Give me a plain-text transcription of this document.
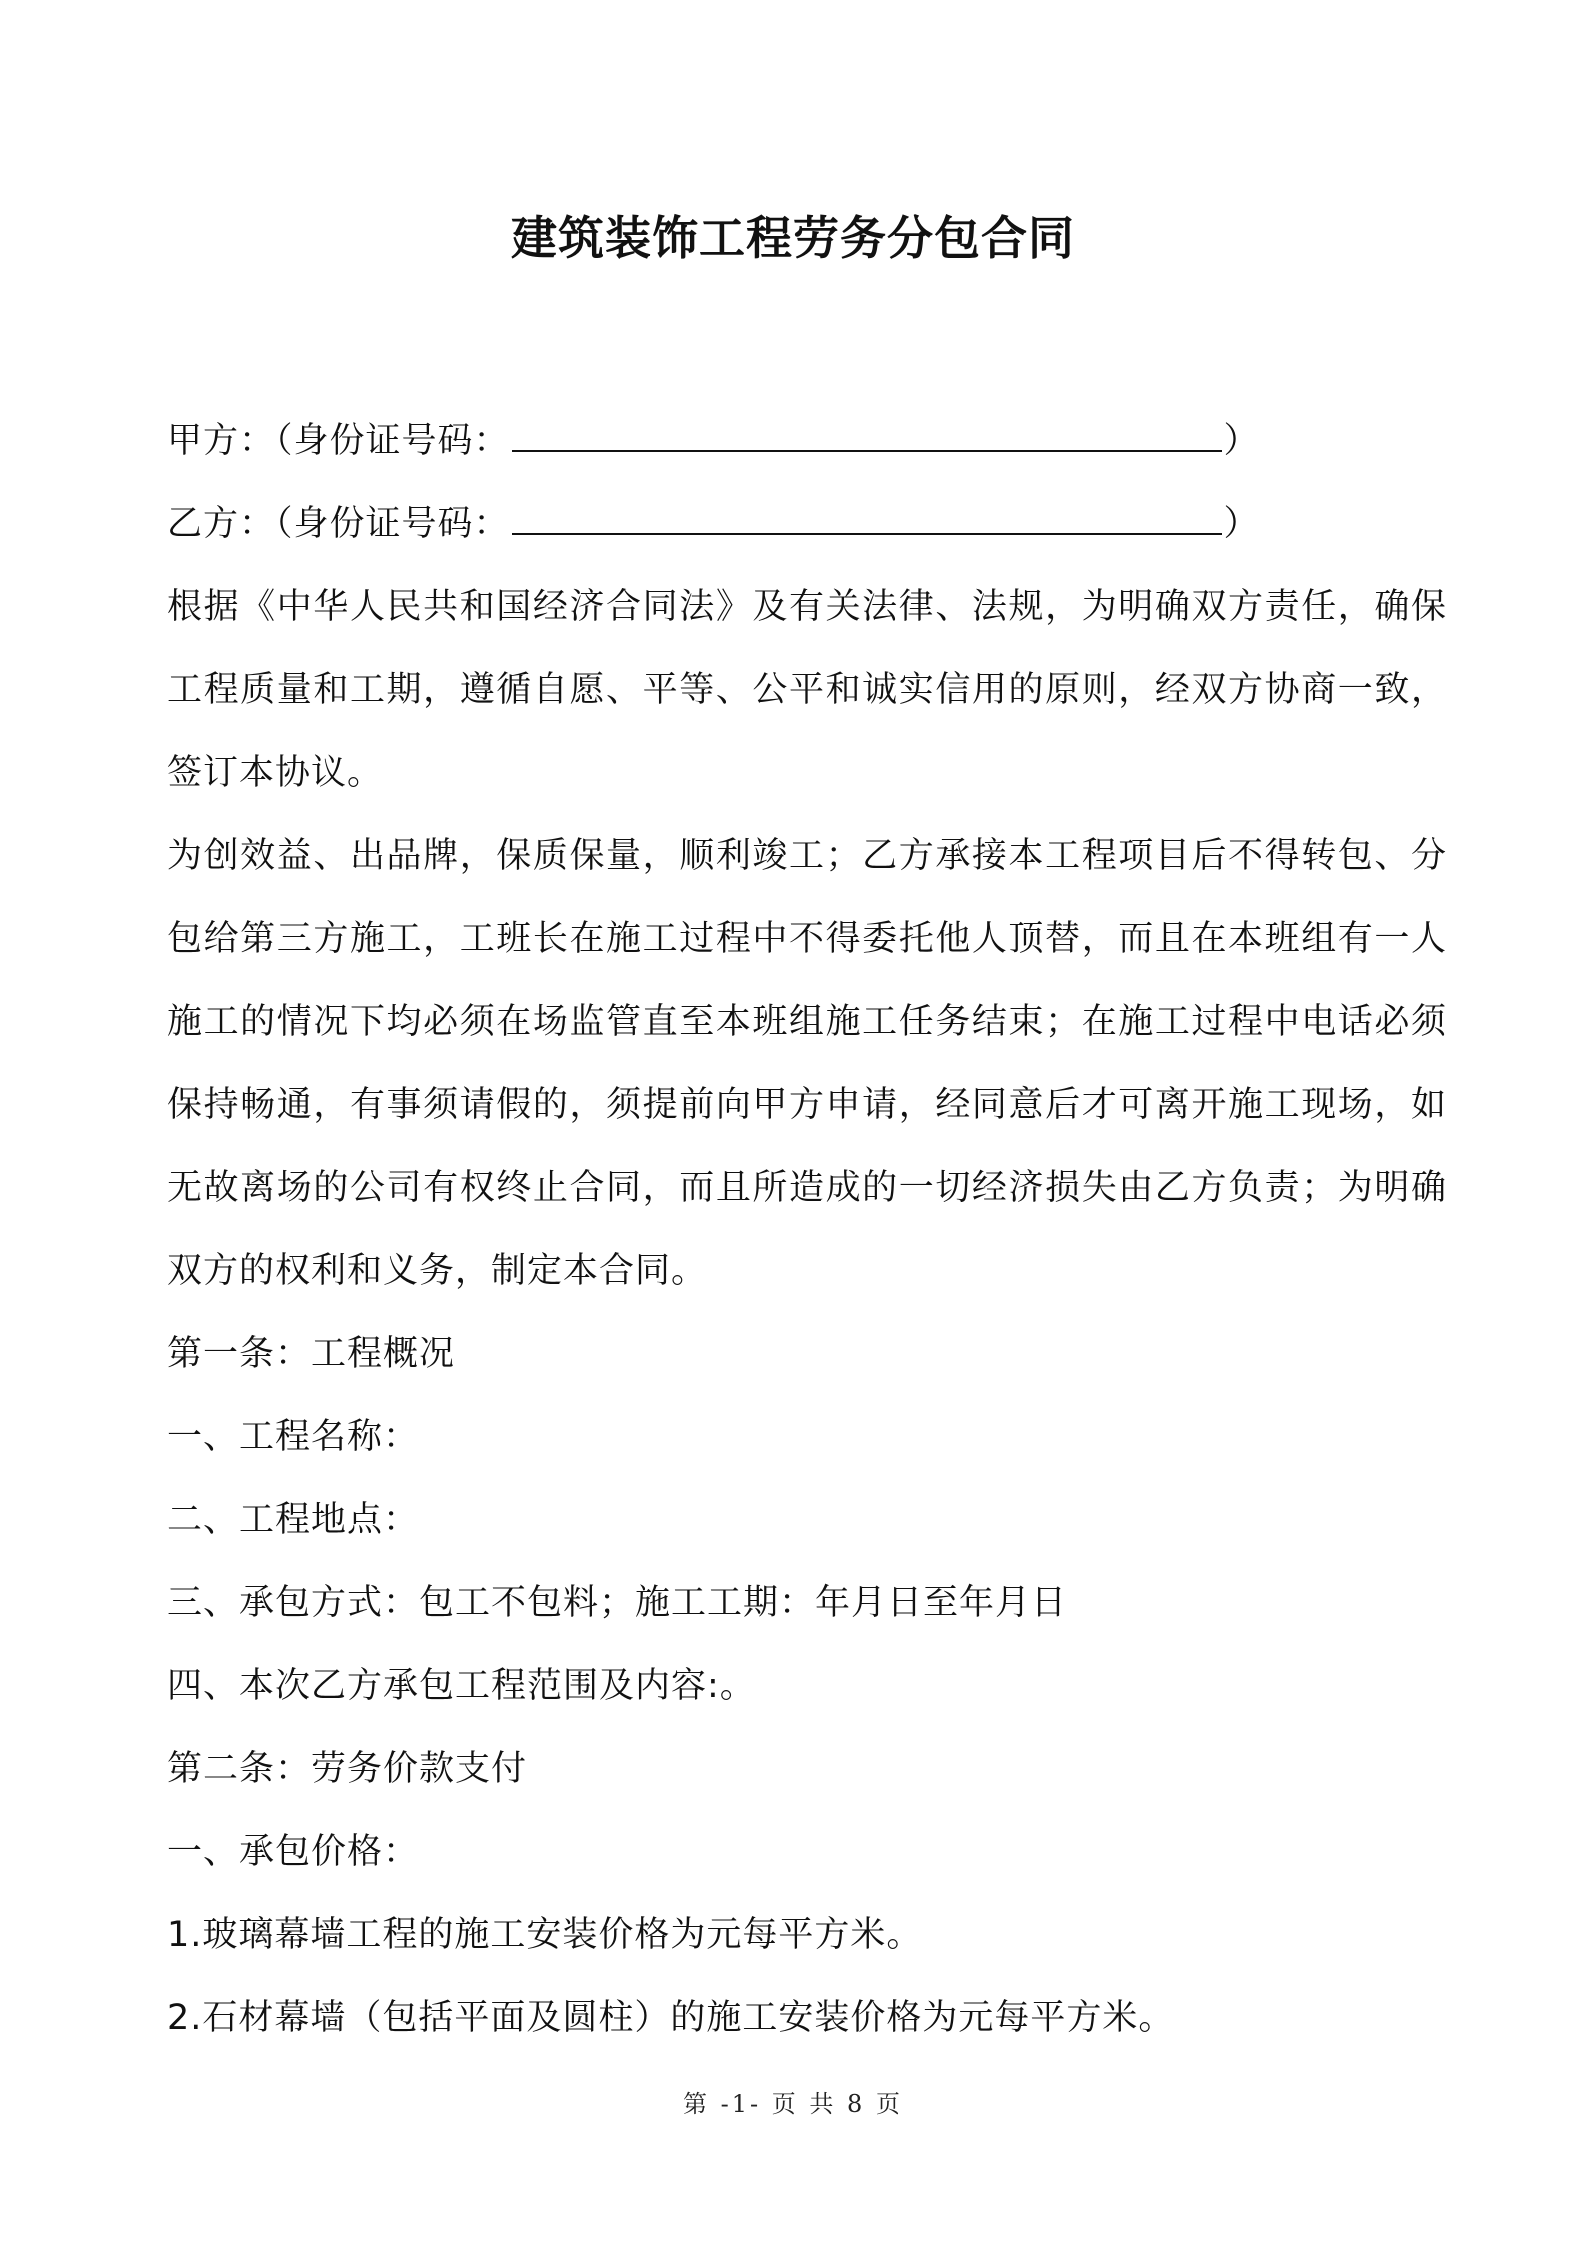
建筑装饰工程劳务分包合同
甲方：（身份证号码：	）
乙方：（身份证号码：	）
根据《中华人民共和国经济合同法》及有关法律、法规，为明确双方责任，确保工程质量和工期，遵循自愿、平等、公平和诚实信用的原则，经双方协商一致，签订本协议。
为创效益、出品牌，保质保量，顺利竣工；乙方承接本工程项目后不得转包、分包给第三方施工，工班长在施工过程中不得委托他人顶替，而且在本班组有一人施工的情况下均必须在场监管直至本班组施工任务结束；在施工过程中电话必须保持畅通，有事须请假的，须提前向甲方申请，经同意后才可离开施工现场，如无故离场的公司有权终止合同，而且所造成的一切经济损失由乙方负责；为明确双方的权利和义务，制定本合同。
第一条：工程概况
一、工程名称：
二、工程地点：
三、承包方式：包工不包料；施工工期：年月日至年月日
四、本次乙方承包工程范围及内容:。
第二条：劳务价款支付
一、承包价格：
1.玻璃幕墙工程的施工安装价格为元每平方米。
2.石材幕墙（包括平面及圆柱）的施工安装价格为元每平方米。
第 -1- 页 共 8 页
